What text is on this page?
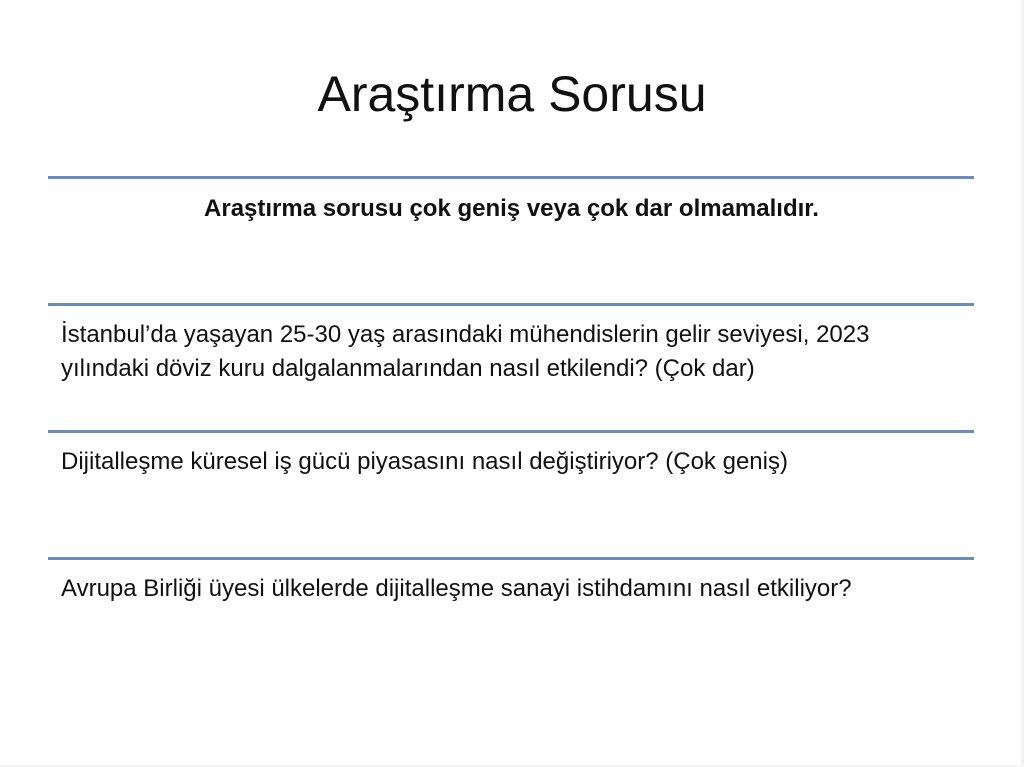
Araştırma Sorusu
Araştırma sorusu çok geniş veya çok dar olmamalıdır.
İstanbul’da yaşayan 25-30 yaş arasındaki mühendislerin gelir seviyesi, 2023 yılındaki döviz kuru dalgalanmalarından nasıl etkilendi? (Çok dar)
Dijitalleşme küresel iş gücü piyasasını nasıl değiştiriyor? (Çok geniş)
Avrupa Birliği üyesi ülkelerde dijitalleşme sanayi istihdamını nasıl etkiliyor?
